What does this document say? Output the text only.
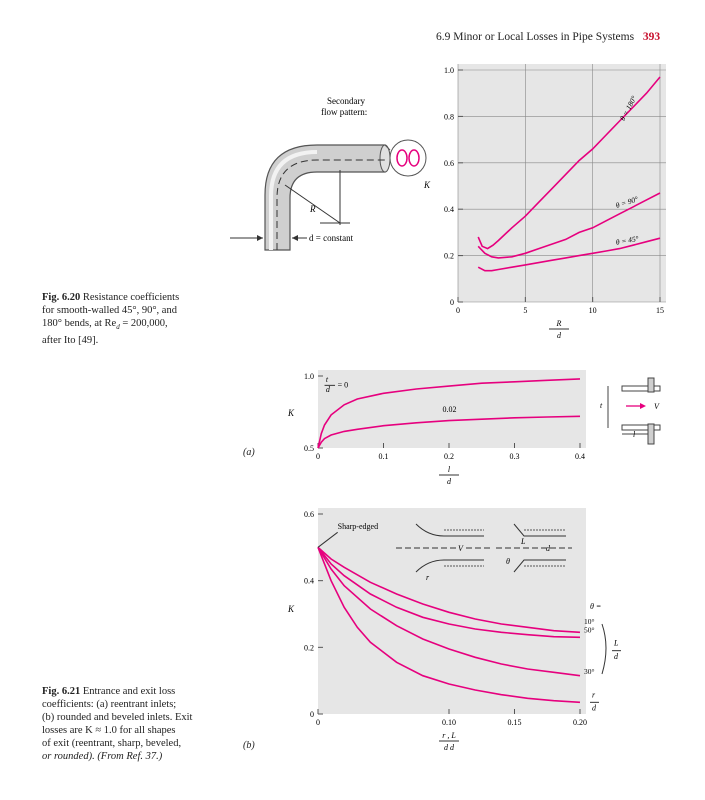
6.9 Minor or Local Losses in Pipe Systems 393
R
Secondary
flow pattern:
d = constant
0	5	10	15
0
0.2
0.4
0.6
0.8
1.0
K
R
d
θ = 180°
θ = 90°
θ = 45°
Fig. 6.20 Resistance coefficients
for smooth-walled 45°, 90°, and
180° bends, at $Re_d = 200,000$,
after Ito [49].
0	0.1	0.2	0.3	0.4
0.5
1.0
K
l
d
t
d = 0
0.02	t	V
l
(a)
0	0.10	0.15	0.20
0
0.2
0.4
0.6
K
r , L
d d
Sharp-edged
θ =
10°
50°
30°
L
d
r
d
V
r
L
d
θ
(b)
Fig. 6.21 Entrance and exit loss
coefficients: (a) reentrant inlets;
(b) rounded and beveled inlets. Exit
losses are K ≈ 1.0 for all shapes
of exit (reentrant, sharp, beveled,
or rounded). (From Ref. 37.)
